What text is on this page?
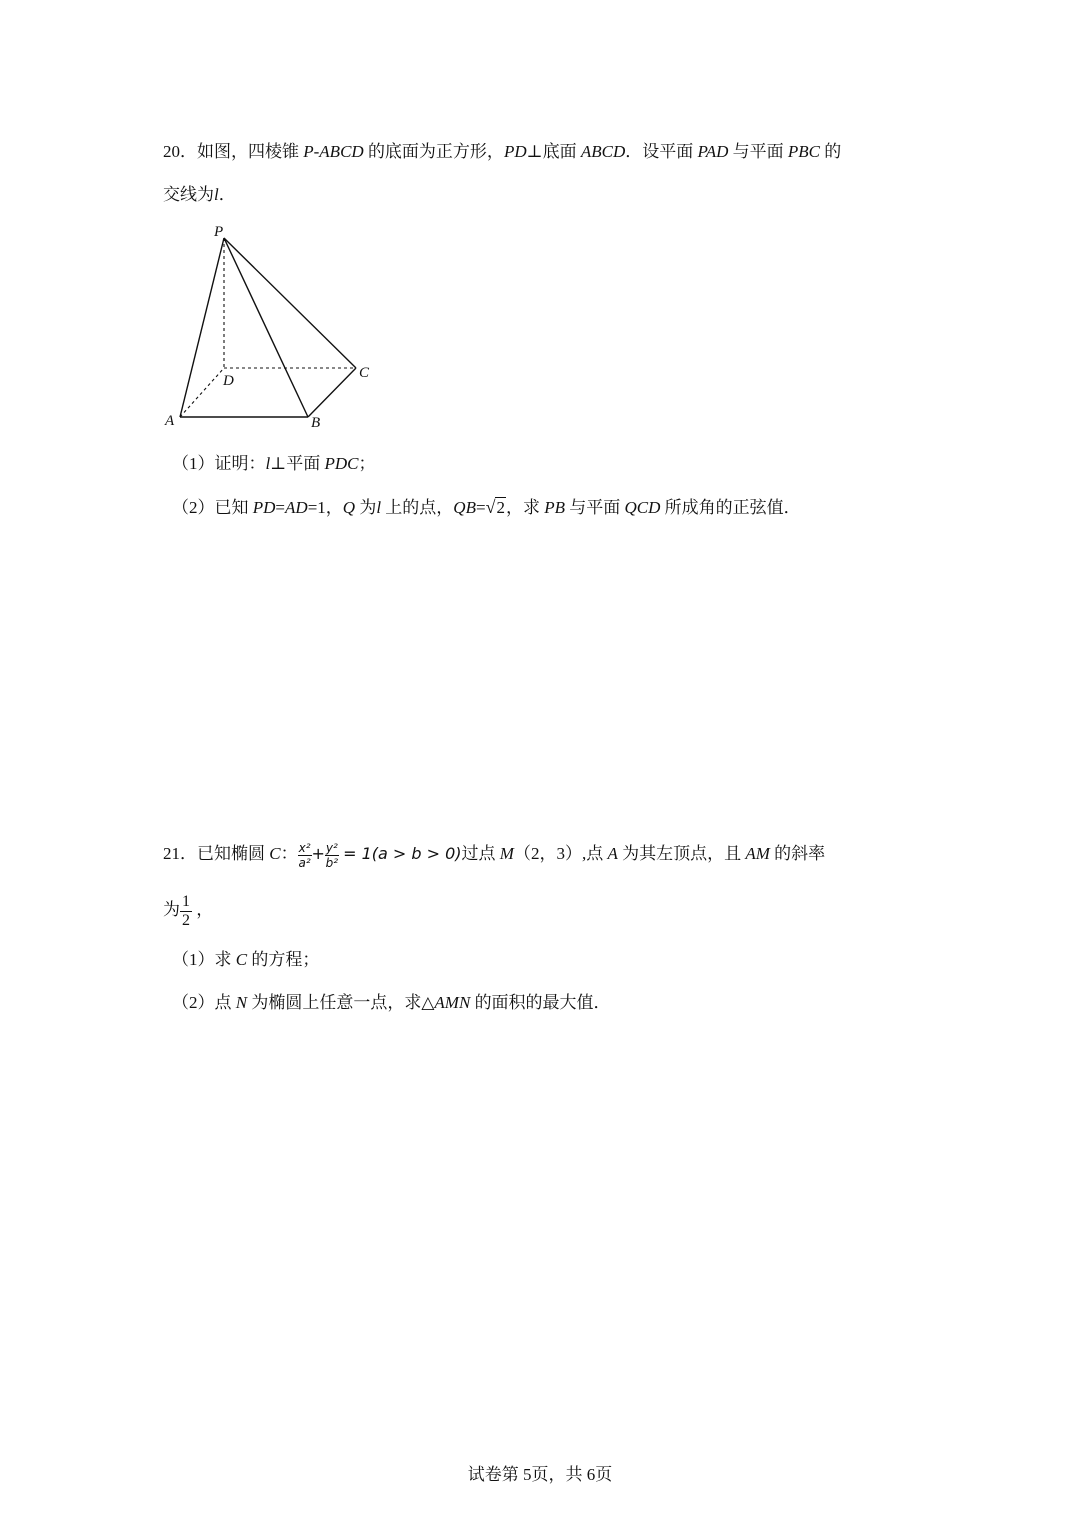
20．如图，四棱锥 P-ABCD 的底面为正方形，PD⊥底面 ABCD．设平面 PAD 与平面 PBC 的
交线为l．
P
D	C
A	B
（1）证明：l⊥平面 PDC；
（2）已知 PD=AD=1，Q 为l 上的点，QB=√2，求 PB 与平面 QCD 所成角的正弦值．
21．已知椭圆 C： $\frac{\text{x²}}{\text{a²}} + \frac{\text{y²}}{\text{b²}} = 1(a > b > 0)$过点 M（2，3）,点 A 为其左顶点，且 AM 的斜率
为 $\frac{1}{2}$ ，
（1）求 C 的方程；
（2）点 N 为椭圆上任意一点，求△AMN 的面积的最大值．
试卷第 5页，共 6页
